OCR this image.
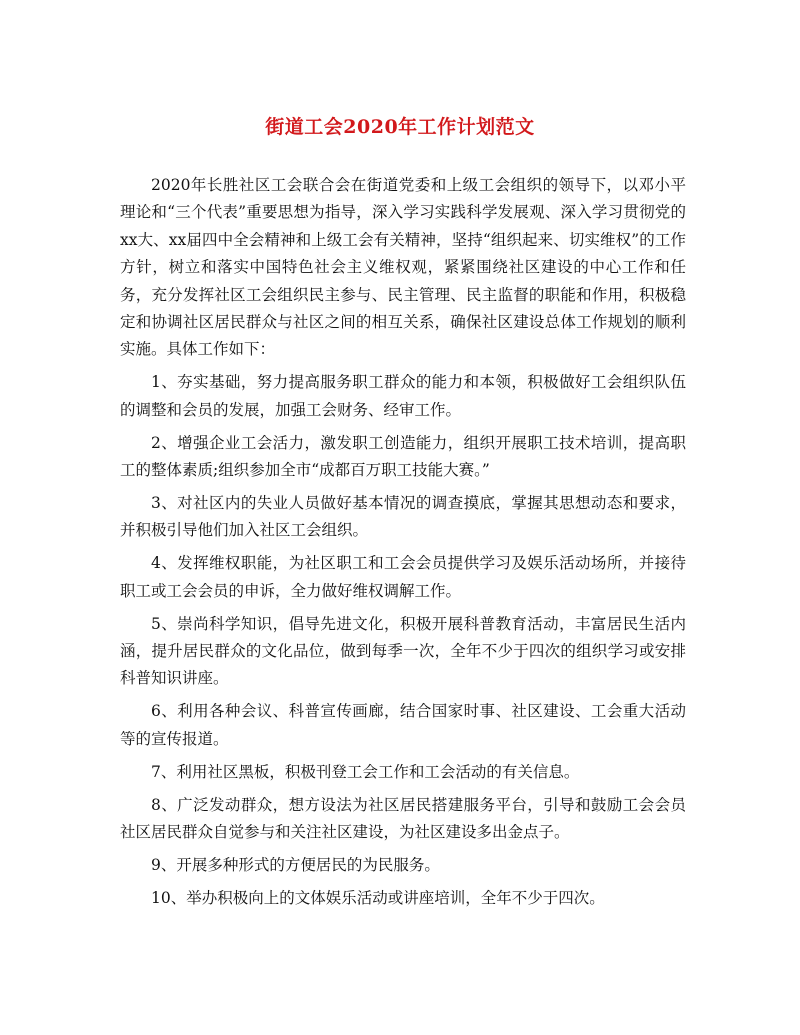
街道工会2020年工作计划范文

2020年长胜社区工会联合会在街道党委和上级工会组织的领导下，以邓小平理论和“三个代表”重要思想为指导，深入学习实践科学发展观、深入学习贯彻党的xx大、xx届四中全会精神和上级工会有关精神，坚持“组织起来、切实维权”的工作方针，树立和落实中国特色社会主义维权观，紧紧围绕社区建设的中心工作和任务，充分发挥社区工会组织民主参与、民主管理、民主监督的职能和作用，积极稳定和协调社区居民群众与社区之间的相互关系，确保社区建设总体工作规划的顺利实施。具体工作如下：

1、夯实基础，努力提高服务职工群众的能力和本领，积极做好工会组织队伍的调整和会员的发展，加强工会财务、经审工作。

2、增强企业工会活力，激发职工创造能力，组织开展职工技术培训，提高职工的整体素质;组织参加全市“成都百万职工技能大赛。”

3、对社区内的失业人员做好基本情况的调查摸底，掌握其思想动态和要求，并积极引导他们加入社区工会组织。

4、发挥维权职能，为社区职工和工会会员提供学习及娱乐活动场所，并接待职工或工会会员的申诉，全力做好维权调解工作。

5、崇尚科学知识，倡导先进文化，积极开展科普教育活动，丰富居民生活内涵，提升居民群众的文化品位，做到每季一次，全年不少于四次的组织学习或安排科普知识讲座。

6、利用各种会议、科普宣传画廊，结合国家时事、社区建设、工会重大活动等的宣传报道。

7、利用社区黑板，积极刊登工会工作和工会活动的有关信息。

8、广泛发动群众，想方设法为社区居民搭建服务平台，引导和鼓励工会会员社区居民群众自觉参与和关注社区建设，为社区建设多出金点子。

9、开展多种形式的方便居民的为民服务。

10、举办积极向上的文体娱乐活动或讲座培训，全年不少于四次。
